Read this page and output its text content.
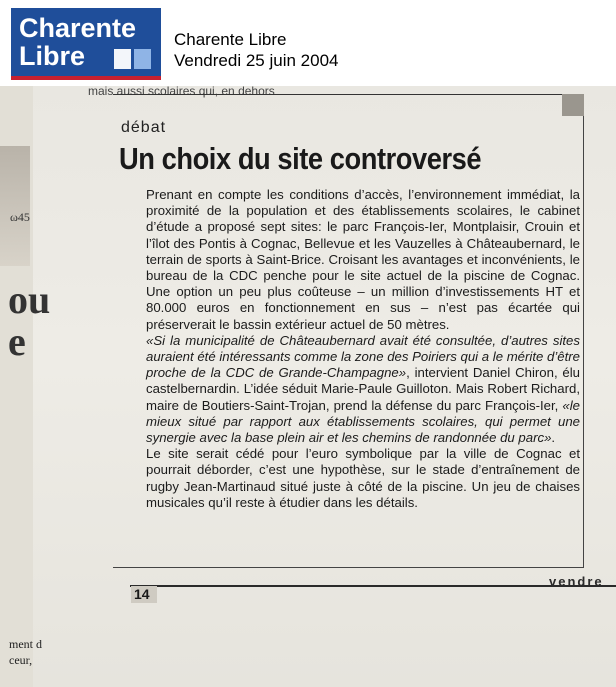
Charente
Libre
Charente Libre
Vendredi 25 juin 2004
ω45
ou
e
ment d
ceur,
mais aussi scolaires qui, en dehors
débat
Un choix du site controversé

Prenant en compte les conditions d’accès, l’environnement immédiat, la proximité de la population et des établissements scolaires, le cabinet d’étude a proposé sept sites: le parc François-Ier, Montplaisir, Crouin et l’îlot des Pontis à Cognac, Bellevue et les Vauzelles à Châteaubernard, le terrain de sports à Saint-Brice. Croisant les avantages et inconvénients, le bureau de la CDC penche pour le site actuel de la piscine de Cognac. Une option un peu plus coûteuse – un million d’investissements HT et 80.000 euros en fonctionnement en sus – n’est pas écartée qui préserverait le bassin extérieur actuel de 50 mètres.

«Si la municipalité de Châteaubernard avait été consultée, d’autres sites auraient été intéressants comme la zone des Poiriers qui a le mérite d’être proche de la CDC de Grande-Champagne», intervient Daniel Chiron, élu castelbernardin. L’idée séduit Marie-Paule Guilloton. Mais Robert Richard, maire de Boutiers-Saint-Trojan, prend la défense du parc François-Ier, «le mieux situé par rapport aux établissements scolaires, qui permet une synergie avec la base plein air et les chemins de randonnée du parc».

Le site serait cédé pour l’euro symbolique par la ville de Cognac et pourrait déborder, c’est une hypothèse, sur le stade d’entraînement de rugby Jean-Martinaud situé juste à côté de la piscine. Un jeu de chaises musicales qu’il reste à étudier dans les détails.

14
vendre
